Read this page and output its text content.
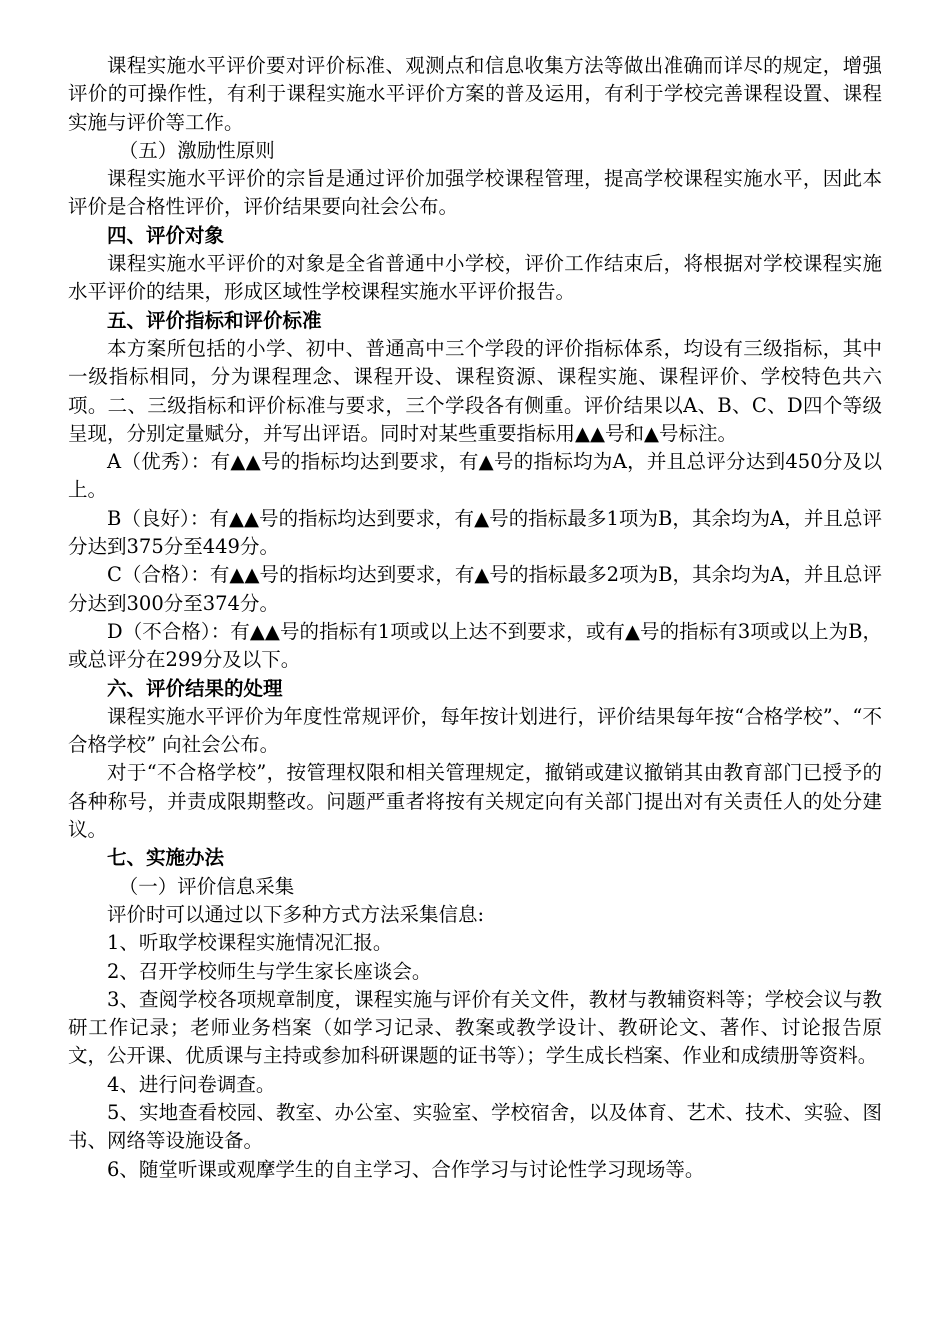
课程实施水平评价要对评价标准、观测点和信息收集方法等做出准确而详尽的规定，增强评价的可操作性，有利于课程实施水平评价方案的普及运用，有利于学校完善课程设置、课程实施与评价等工作。

（五）激励性原则

课程实施水平评价的宗旨是通过评价加强学校课程管理，提高学校课程实施水平，因此本评价是合格性评价，评价结果要向社会公布。

四、评价对象

课程实施水平评价的对象是全省普通中小学校，评价工作结束后，将根据对学校课程实施水平评价的结果，形成区域性学校课程实施水平评价报告。

五、评价指标和评价标准

本方案所包括的小学、初中、普通高中三个学段的评价指标体系，均设有三级指标，其中一级指标相同，分为课程理念、课程开设、课程资源、课程实施、课程评价、学校特色共六项。二、三级指标和评价标准与要求，三个学段各有侧重。评价结果以A、B、C、D四个等级呈现，分别定量赋分，并写出评语。同时对某些重要指标用▲▲号和▲号标注。

A（优秀）：有▲▲号的指标均达到要求，有▲号的指标均为A，并且总评分达到450分及以上。

B（良好）：有▲▲号的指标均达到要求，有▲号的指标最多1项为B，其余均为A，并且总评分达到375分至449分。

C（合格）：有▲▲号的指标均达到要求，有▲号的指标最多2项为B，其余均为A，并且总评分达到300分至374分。

D（不合格）：有▲▲号的指标有1项或以上达不到要求，或有▲号的指标有3项或以上为B，或总评分在299分及以下。

六、评价结果的处理

课程实施水平评价为年度性常规评价，每年按计划进行，评价结果每年按“合格学校”、“不合格学校” 向社会公布。

对于“不合格学校”，按管理权限和相关管理规定，撤销或建议撤销其由教育部门已授予的各种称号，并责成限期整改。问题严重者将按有关规定向有关部门提出对有关责任人的处分建议。

七、实施办法

（一）评价信息采集

评价时可以通过以下多种方式方法采集信息:

1、听取学校课程实施情况汇报。

2、召开学校师生与学生家长座谈会。

3、查阅学校各项规章制度，课程实施与评价有关文件，教材与教辅资料等；学校会议与教研工作记录；老师业务档案（如学习记录、教案或教学设计、教研论文、著作、讨论报告原文，公开课、优质课与主持或参加科研课题的证书等）；学生成长档案、作业和成绩册等资料。

4、进行问卷调查。

5、实地查看校园、教室、办公室、实验室、学校宿舍，以及体育、艺术、技术、实验、图书、网络等设施设备。

6、随堂听课或观摩学生的自主学习、合作学习与讨论性学习现场等。
